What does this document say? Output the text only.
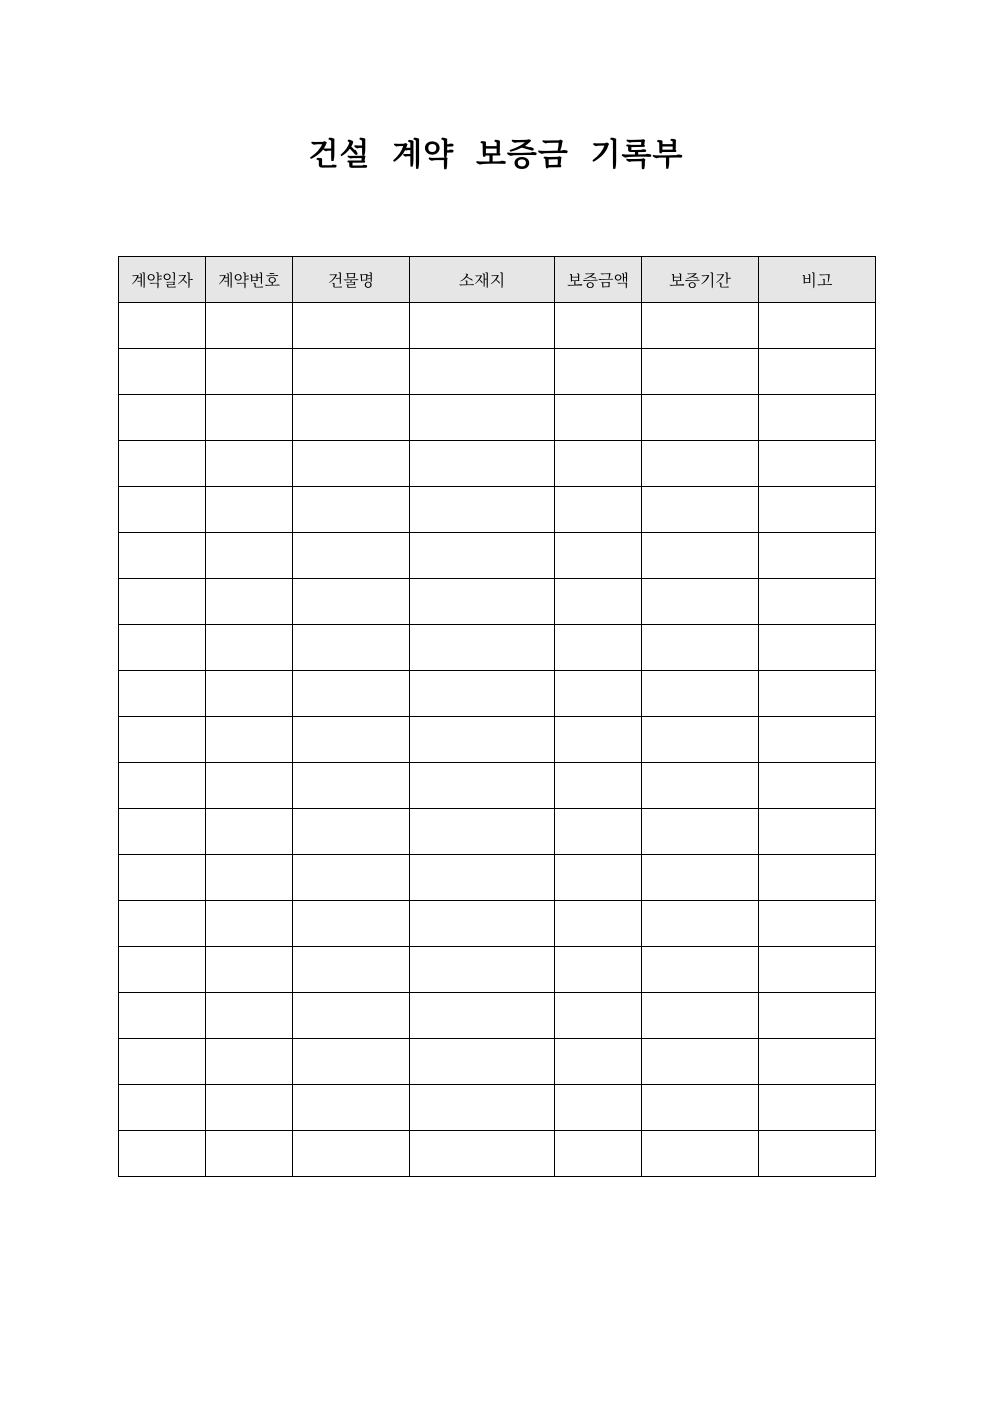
건설 계약 보증금 기록부
계약일자	계약번호	건물명	소재지	보증금액	보증기간	비고
